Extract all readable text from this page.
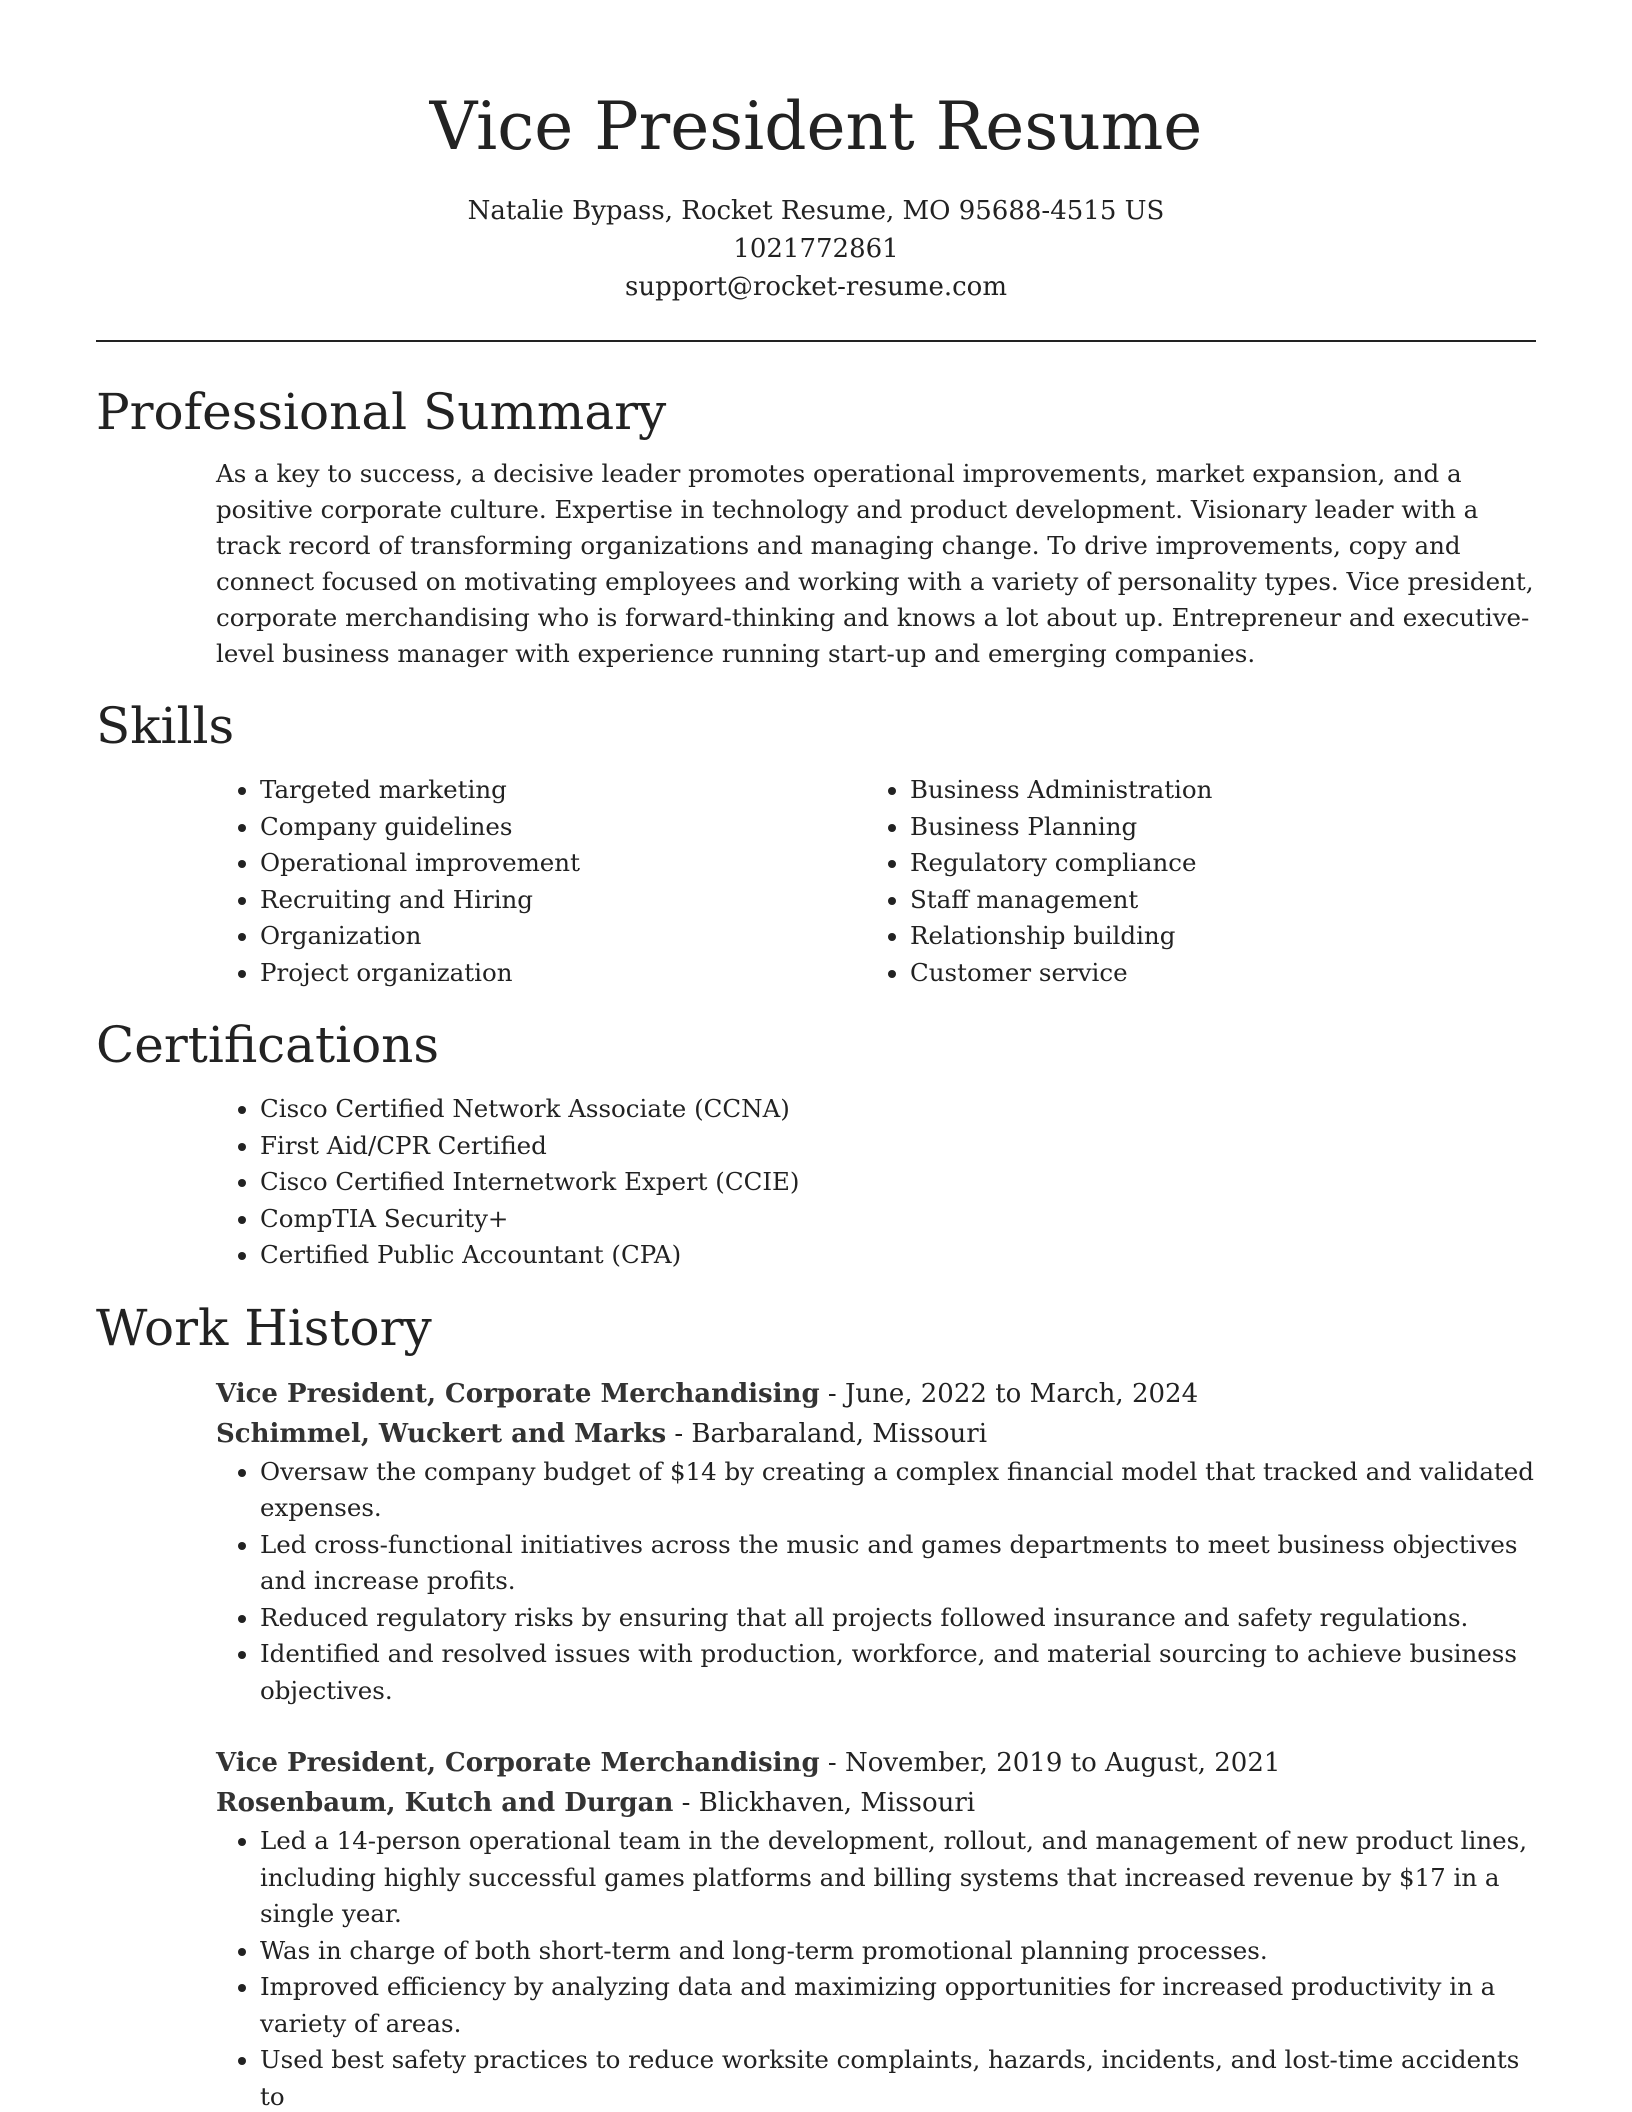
Vice President Resume
Natalie Bypass, Rocket Resume, MO 95688-4515 US
1021772861
support@rocket-resume.com
Professional Summary

As a key to success, a decisive leader promotes operational improvements, market expansion, and a positive corporate culture. Expertise in technology and product development. Visionary leader with a track record of transforming organizations and managing change. To drive improvements, copy and connect focused on motivating employees and working with a variety of personality types. Vice president, corporate merchandising who is forward-thinking and knows a lot about up. Entrepreneur and executive-level business manager with experience running start-up and emerging companies.

Skills
• Targeted marketing
• Company guidelines
• Operational improvement
• Recruiting and Hiring
• Organization
• Project organization
• Business Administration
• Business Planning
• Regulatory compliance
• Staff management
• Relationship building
• Customer service
Certifications
• Cisco Certified Network Associate (CCNA)
• First Aid/CPR Certified
• Cisco Certified Internetwork Expert (CCIE)
• CompTIA Security+
• Certified Public Accountant (CPA)
Work History
Vice President, Corporate Merchandising - June, 2022 to March, 2024
Schimmel, Wuckert and Marks - Barbaraland, Missouri
• Oversaw the company budget of $14 by creating a complex financial model that tracked and validated expenses.
• Led cross-functional initiatives across the music and games departments to meet business objectives and increase profits.
• Reduced regulatory risks by ensuring that all projects followed insurance and safety regulations.
• Identified and resolved issues with production, workforce, and material sourcing to achieve business objectives.
Vice President, Corporate Merchandising - November, 2019 to August, 2021
Rosenbaum, Kutch and Durgan - Blickhaven, Missouri
• Led a 14-person operational team in the development, rollout, and management of new product lines, including highly successful games platforms and billing systems that increased revenue by $17 in a single year.
• Was in charge of both short-term and long-term promotional planning processes.
• Improved efficiency by analyzing data and maximizing opportunities for increased productivity in a variety of areas.
• Used best safety practices to reduce worksite complaints, hazards, incidents, and lost-time accidents to
